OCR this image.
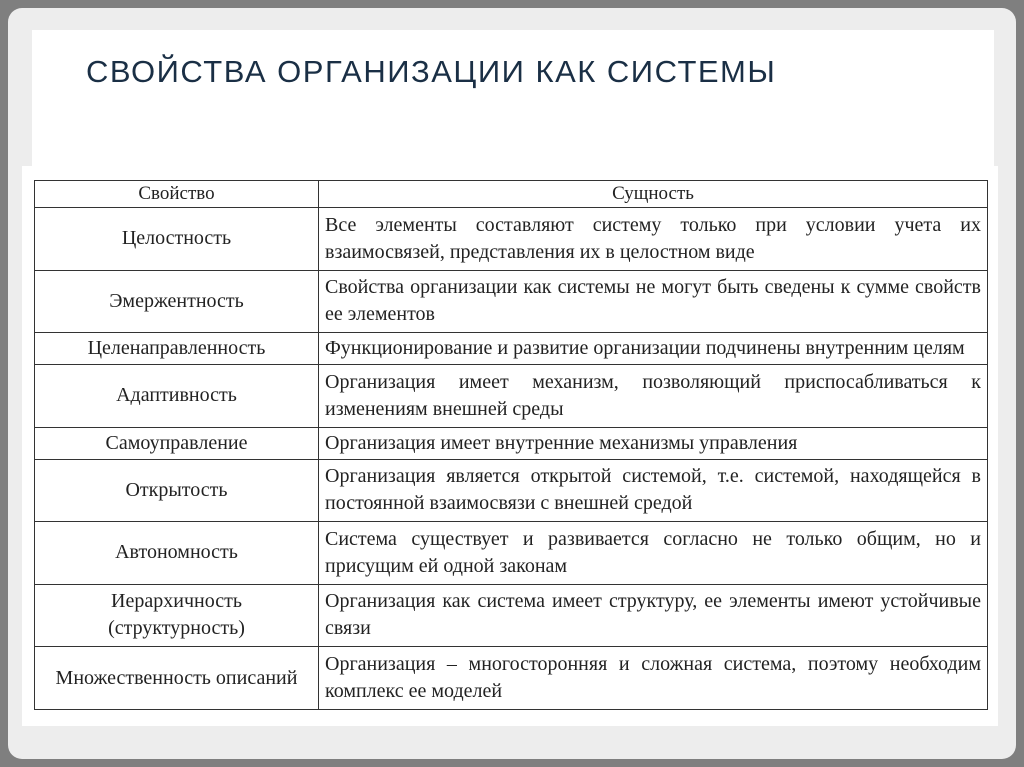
СВОЙСТВА ОРГАНИЗАЦИИ КАК СИСТЕМЫ
Свойство	Сущность
Целостность	Все элементы составляют систему только при условии учета их взаимосвязей, представления их в целостном виде
Эмержентность	Свойства организации как системы не могут быть сведены к сумме свойств ее элементов
Целенаправленность	Функционирование и развитие организации подчинены внутренним целям
Адаптивность	Организация имеет механизм, позволяющий приспосабливаться к изменениям внешней среды
Самоуправление	Организация имеет внутренние механизмы управления
Открытость	Организация является открытой системой, т.е. системой, находящейся в постоянной взаимосвязи с внешней средой
Автономность	Система существует и развивается согласно не только общим, но и присущим ей одной законам
Иерархичность (структурность)	Организация как система имеет структуру, ее элементы имеют устойчивые связи
Множественность описаний	Организация – многосторонняя и сложная система, поэтому необходим комплекс ее моделей
